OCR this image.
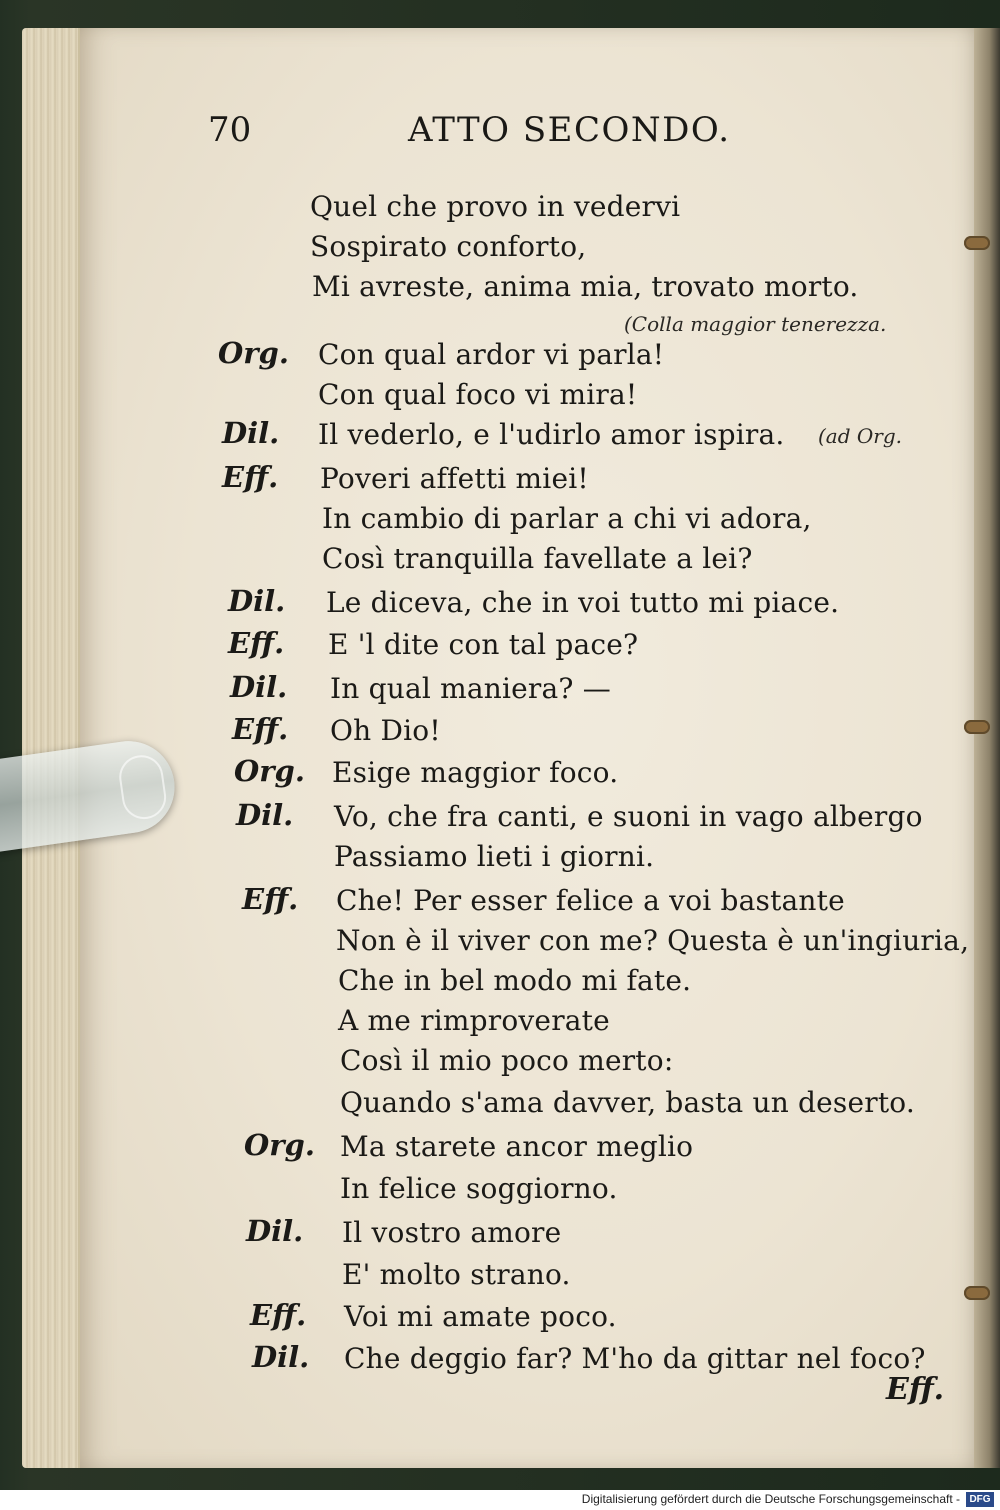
70	ATTO SECONDO.
Quel che provo in vedervi
Sospirato conforto,
Mi avreste, anima mia, trovato morto.
(Colla maggior tenerezza.
Org. Con qual ardor vi parla!
Con qual foco vi mira!
Dil. Il vederlo, e l'udirlo amor ispira. (ad Org.
Eff. Poveri affetti miei!
In cambio di parlar a chi vi adora,
Così tranquilla favellate a lei?
Dil. Le diceva, che in voi tutto mi piace.
Eff. E 'l dite con tal pace?
Dil. In qual maniera? —
Eff. Oh Dio!
Org. Esige maggior foco.
Dil. Vo, che fra canti, e suoni in vago albergo
Passiamo lieti i giorni.
Eff. Che! Per esser felice a voi bastante
Non è il viver con me? Questa è un'ingiuria,
Che in bel modo mi fate.
A me rimproverate
Così il mio poco merto:
Quando s'ama davver, basta un deserto.
Org. Ma starete ancor meglio
In felice soggiorno.
Dil. Il vostro amore
E' molto strano.
Eff. Voi mi amate poco.
Dil. Che deggio far? M'ho da gittar nel foco?
Eff.
Digitalisierung gefördert durch die Deutsche Forschungsgemeinschaft - DFG
